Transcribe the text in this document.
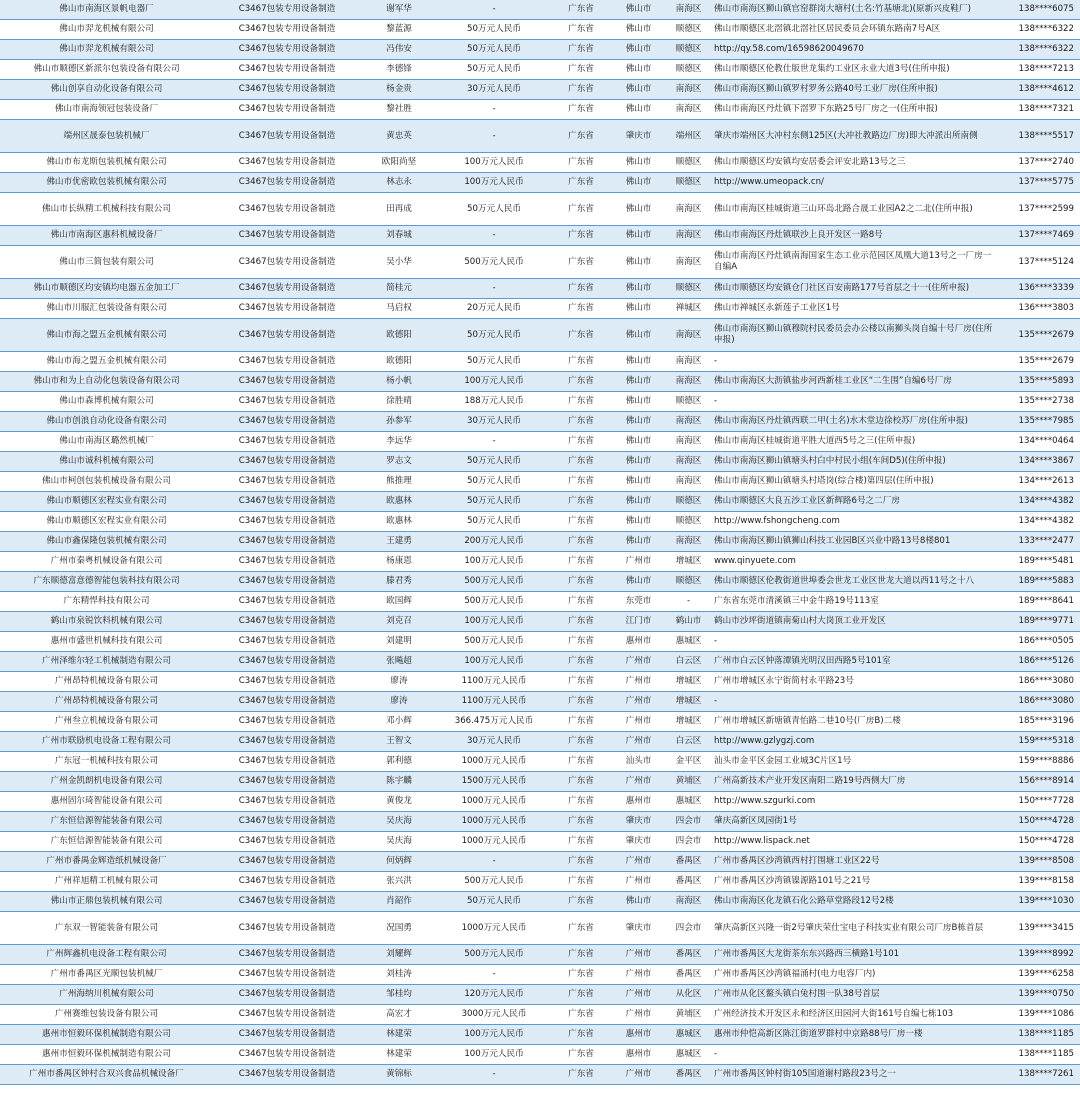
佛山市南海区景帆电器厂	C3467包装专用设备制造	谢军华	-	广东省	佛山市	南海区	佛山市南海区狮山镇官窑群岗大塘村(土名:竹基塘北)(原新兴皮鞋厂)	138****6075
佛山市羿龙机械有限公司	C3467包装专用设备制造	黎蓝源	50万元人民币	广东省	佛山市	顺德区	佛山市顺德区北滘镇北滘社区居民委员会环镇东路南7号A区	138****6322
佛山市羿龙机械有限公司	C3467包装专用设备制造	冯伟安	50万元人民币	广东省	佛山市	顺德区	http://qy.58.com/16598620049670	138****6322
佛山市顺德区新派尔包装设备有限公司	C3467包装专用设备制造	李德锋	50万元人民币	广东省	佛山市	顺德区	佛山市顺德区伦教仕版世龙集约工业区永业大道3号(住所申报)	138****7213
佛山创享自动化设备有限公司	C3467包装专用设备制造	杨金贵	30万元人民币	广东省	佛山市	南海区	佛山市南海区狮山镇罗村罗务公路40号工业厂房(住所申报)	138****4612
佛山市南海领冠包装设备厂	C3467包装专用设备制造	黎社胜	-	广东省	佛山市	南海区	佛山市南海区丹灶镇下滘罗下东路25号厂房之一(住所申报)	138****7321
端州区晟泰包装机械厂	C3467包装专用设备制造	黄忠英	-	广东省	肇庆市	端州区	肇庆市端州区大冲村东侧125区(大冲社教路边厂房)即大冲派出所南侧	138****5517
佛山市布龙斯包装机械有限公司	C3467包装专用设备制造	欧阳尚坚	100万元人民币	广东省	佛山市	顺德区	佛山市顺德区均安镇均安居委会评安北路13号之三	137****2740
佛山市优密欧包装机械有限公司	C3467包装专用设备制造	林志永	100万元人民币	广东省	佛山市	顺德区	http://www.umeopack.cn/	137****5775
佛山市长纵精工机械科技有限公司	C3467包装专用设备制造	田再成	50万元人民币	广东省	佛山市	南海区	佛山市南海区桂城街道三山环岛北路合晟工业园A2之二北(住所申报)	137****2599
佛山市南海区惠科机械设备厂	C3467包装专用设备制造	刘春城	-	广东省	佛山市	南海区	佛山市南海区丹灶镇联沙上良开发区一路8号	137****7469
佛山市三简包装有限公司	C3467包装专用设备制造	吴小华	500万元人民币	广东省	佛山市	南海区	佛山市南海区丹灶镇南海国家生态工业示范园区凤凰大道13号之一厂房一自编A	137****5124
佛山市顺德区均安镇均电器五金加工厂	C3467包装专用设备制造	简桂元	-	广东省	佛山市	顺德区	佛山市顺德区均安镇仓门社区百安南路177号首层之十一(住所申报)	136****3339
佛山市川服汇包装设备有限公司	C3467包装专用设备制造	马启权	20万元人民币	广东省	佛山市	禅城区	佛山市禅城区永新莲子工业区1号	136****3803
佛山市海之盟五金机械有限公司	C3467包装专用设备制造	欧德阳	50万元人民币	广东省	佛山市	南海区	佛山市南海区狮山镇穆院村民委员会办公楼以南狮头岗自编十号厂房(住所申报)	135****2679
佛山市海之盟五金机械有限公司	C3467包装专用设备制造	欧德阳	50万元人民币	广东省	佛山市	南海区	-	135****2679
佛山市和为上自动化包装设备有限公司	C3467包装专用设备制造	杨小帆	100万元人民币	广东省	佛山市	南海区	佛山市南海区大沥镇盐步河西新桂工业区“二生围”自编6号厂房	135****5893
佛山市森博机械有限公司	C3467包装专用设备制造	徐胜晴	188万元人民币	广东省	佛山市	顺德区	-	135****2738
佛山市创浪自动化设备有限公司	C3467包装专用设备制造	孙参军	30万元人民币	广东省	佛山市	南海区	佛山市南海区丹灶镇西联二甲(土名)水木堂边徐校苏厂房(住所申报)	135****7985
佛山市南海区璐然机械厂	C3467包装专用设备制造	李远华	-	广东省	佛山市	南海区	佛山市南海区桂城街道平胜大道西5号之三(住所申报)	134****0464
佛山市诚科机械有限公司	C3467包装专用设备制造	罗志文	50万元人民币	广东省	佛山市	南海区	佛山市南海区狮山镇塘头村白中村民小组(车间D5)(住所申报)	134****3867
佛山市柯创包装机械设备有限公司	C3467包装专用设备制造	熊推理	50万元人民币	广东省	佛山市	南海区	佛山市南海区狮山镇塘头村塔岗(综合楼)第四层(住所申报)	134****2613
佛山市顺德区宏程实业有限公司	C3467包装专用设备制造	欧惠林	50万元人民币	广东省	佛山市	顺德区	佛山市顺德区大良五沙工业区新辉路6号之二厂房	134****4382
佛山市顺德区宏程实业有限公司	C3467包装专用设备制造	欧惠林	50万元人民币	广东省	佛山市	顺德区	http://www.fshongcheng.com	134****4382
佛山市鑫保隆包装机械有限公司	C3467包装专用设备制造	王建勇	200万元人民币	广东省	佛山市	南海区	佛山市南海区狮山镇狮山科技工业园B区兴业中路13号8楼801	133****2477
广州市秦粤机械设备有限公司	C3467包装专用设备制造	杨康恩	100万元人民币	广东省	广州市	增城区	www.qinyuete.com	189****5481
广东顺德富意德智能包装科技有限公司	C3467包装专用设备制造	滕君秀	500万元人民币	广东省	佛山市	顺德区	佛山市顺德区伦教街道世埠委会世龙工业区世龙大道以西11号之十八	189****5883
广东精悍科技有限公司	C3467包装专用设备制造	欧国辉	500万元人民币	广东省	东莞市	-	广东省东莞市清溪镇三中金牛路19号113室	189****8641
鹤山市泉锐饮料机械有限公司	C3467包装专用设备制造	刘克召	100万元人民币	广东省	江门市	鹤山市	鹤山市沙坪街道镇南菊山村大岗顶工业开发区	189****9771
惠州市盛世机械科技有限公司	C3467包装专用设备制造	刘建明	500万元人民币	广东省	惠州市	惠城区	-	186****0505
广州泽维尔轻工机械制造有限公司	C3467包装专用设备制造	张飚超	100万元人民币	广东省	广州市	白云区	广州市白云区钟落潭镇光明汉田西路5号101室	186****5126
广州昂特机械设备有限公司	C3467包装专用设备制造	廖涛	1100万元人民币	广东省	广州市	增城区	广州市增城区永宁街简村永平路23号	186****3080
广州昂特机械设备有限公司	C3467包装专用设备制造	廖涛	1100万元人民币	广东省	广州市	增城区	-	186****3080
广州叁立机械设备有限公司	C3467包装专用设备制造	邓小辉	366.475万元人民币	广东省	广州市	增城区	广州市增城区新塘镇青怡路二巷10号(厂房B)二楼	185****3196
广州市联励机电设备工程有限公司	C3467包装专用设备制造	王智文	30万元人民币	广东省	广州市	白云区	http://www.gzlygzj.com	159****5318
广东冠一机械科技有限公司	C3467包装专用设备制造	郭利德	1000万元人民币	广东省	汕头市	金平区	汕头市金平区金园工业城3C片区1号	159****8886
广州金凯朗机电设备有限公司	C3467包装专用设备制造	陈宇麟	1500万元人民币	广东省	广州市	黄埔区	广州高新技术产业开发区南阳二路19号西侧大厂房	156****8914
惠州固尔琦智能设备有限公司	C3467包装专用设备制造	黄俊龙	1000万元人民币	广东省	惠州市	惠城区	http://www.szgurki.com	150****7728
广东恒信源智能装备有限公司	C3467包装专用设备制造	吴庆海	1000万元人民币	广东省	肇庆市	四会市	肇庆高新区凤园街1号	150****4728
广东恒信源智能装备有限公司	C3467包装专用设备制造	吴庆海	1000万元人民币	广东省	肇庆市	四会市	http://www.lispack.net	150****4728
广州市番禺金辉造纸机械设备厂	C3467包装专用设备制造	何炳辉	-	广东省	广州市	番禺区	广州市番禺区沙湾镇西村打围塘工业区22号	139****8508
广州祥旭精工机械有限公司	C3467包装专用设备制造	张兴洪	500万元人民币	广东省	广州市	番禺区	广州市番禺区沙湾镇镍源路101号之21号	139****8158
佛山市正鼎包装机械有限公司	C3467包装专用设备制造	肖韶作	50万元人民币	广东省	佛山市	南海区	佛山市南海区化龙镇石化公路草堂路段12号2楼	139****1030
广东双一智能装备有限公司	C3467包装专用设备制造	况国勇	1000万元人民币	广东省	肇庆市	四会市	肇庆高新区兴隆一街2号肇庆荣仕宝电子科技实业有限公司厂房B栋首层	139****3415
广州辉鑫机电设备工程有限公司	C3467包装专用设备制造	刘耀辉	500万元人民币	广东省	广州市	番禺区	广州市番禺区大龙街茶东东兴路西三横路1号101	139****8992
广州市番禺区光顺包装机械厂	C3467包装专用设备制造	刘桂涛	-	广东省	广州市	番禺区	广州市番禺区沙湾镇福涌村(电力电容厂内)	139****6258
广州海纳川机械有限公司	C3467包装专用设备制造	邹桂均	120万元人民币	广东省	广州市	从化区	广州市从化区鳌头镇白兔村围一队38号首层	139****0750
广州赛维包装设备有限公司	C3467包装专用设备制造	高宏才	3000万元人民币	广东省	广州市	黄埔区	广州经济技术开发区永和经济区田园河大街161号自编七栋103	139****1086
惠州市恒毅环保机械制造有限公司	C3467包装专用设备制造	林建荣	100万元人民币	广东省	惠州市	惠城区	惠州市仲恺高新区陈江街道罗群村中京路88号厂房一楼	138****1185
惠州市恒毅环保机械制造有限公司	C3467包装专用设备制造	林建荣	100万元人民币	广东省	惠州市	惠城区	-	138****1185
广州市番禺区钟村合双兴食品机械设备厂	C3467包装专用设备制造	黄锦标	-	广东省	广州市	番禺区	广州市番禺区钟村街105国道谢村路段23号之一	138****7261
